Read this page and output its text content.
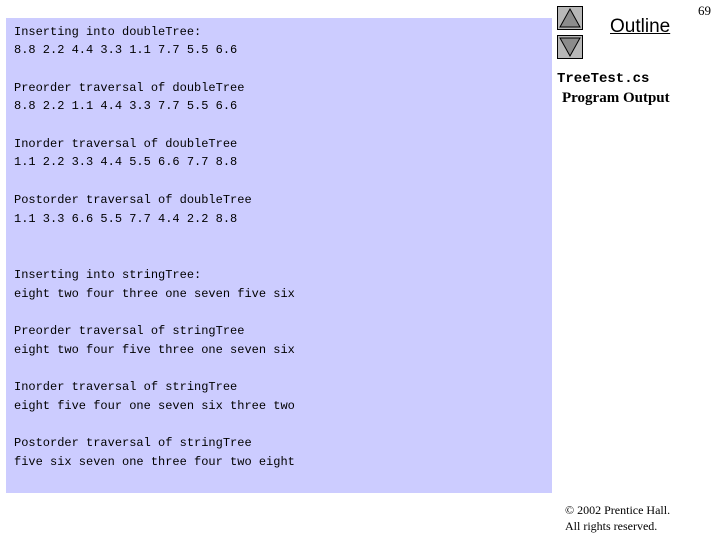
69
Inserting into doubleTree:
8.8 2.2 4.4 3.3 1.1 7.7 5.5 6.6
Preorder traversal of doubleTree
8.8 2.2 1.1 4.4 3.3 7.7 5.5 6.6
Inorder traversal of doubleTree
1.1 2.2 3.3 4.4 5.5 6.6 7.7 8.8
Postorder traversal of doubleTree
1.1 3.3 6.6 5.5 7.7 4.4 2.2 8.8
Inserting into stringTree:
eight two four three one seven five six
Preorder traversal of stringTree
eight two four five three one seven six
Inorder traversal of stringTree
eight five four one seven six three two
Postorder traversal of stringTree
five six seven one three four two eight
Outline
TreeTest.cs
Program Output
© 2002 Prentice Hall.
All rights reserved.
